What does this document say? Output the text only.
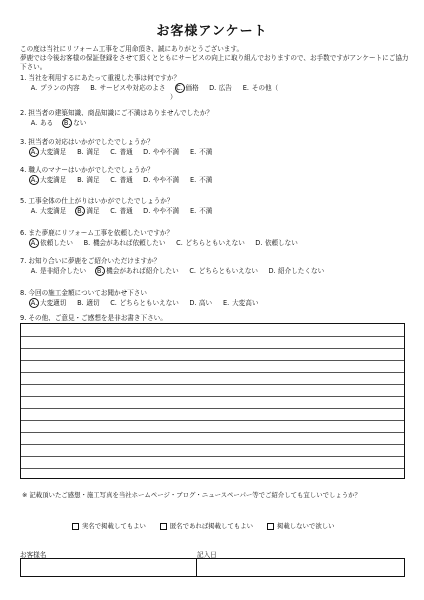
お客様アンケート
この度は当社にリフォーム工事をご用命頂き、誠にありがとうございます。
夢鹿では今後お客様の保証登録をさせて頂くとともにサービスの向上に取り組んでおりますので、お手数ですがアンケートにご協力下さい。
1. 当社を利用するにあたって重視した事は何ですか？
A. プランの内容 B. サービスや対応のよさ C. 価格 D. 広告 E. その他（
）
2. 担当者の建築知識、商品知識にご不満はありませんでしたか？
A. ある B. ない
3. 担当者の対応はいかがでしたでしょうか？
A. 大変満足 B. 満足 C. 普通 D. やや不満 E. 不満
4. 職人のマナーはいかがでしたでしょうか？
A. 大変満足 B. 満足 C. 普通 D. やや不満 E. 不満
5. 工事全体の仕上がりはいかがでしたでしょうか？
A. 大変満足 B. 満足 C. 普通 D. やや不満 E. 不満
6. また夢鹿にリフォーム工事を依頼したいですか？
A. 依頼したい B. 機会があれば依頼したい C. どちらともいえない D. 依頼しない
7. お知り合いに夢鹿をご紹介いただけますか？
A. 是非紹介したい B. 機会があれば紹介したい C. どちらともいえない D. 紹介したくない
8. 今回の施工金額についてお聞かせ下さい
A. 大変適切 B. 適切 C. どちらともいえない D. 高い E. 大変高い
9. その他、ご意見・ご感想を是非お書き下さい。
※ 記載頂いたご感想・施工写真を当社ホームページ・ブログ・ニュースペーパー等でご紹介しても宜しいでしょうか？
実名で掲載してもよい	匿名であれば掲載してもよい	掲載しないで欲しい
お客様名	記入日
